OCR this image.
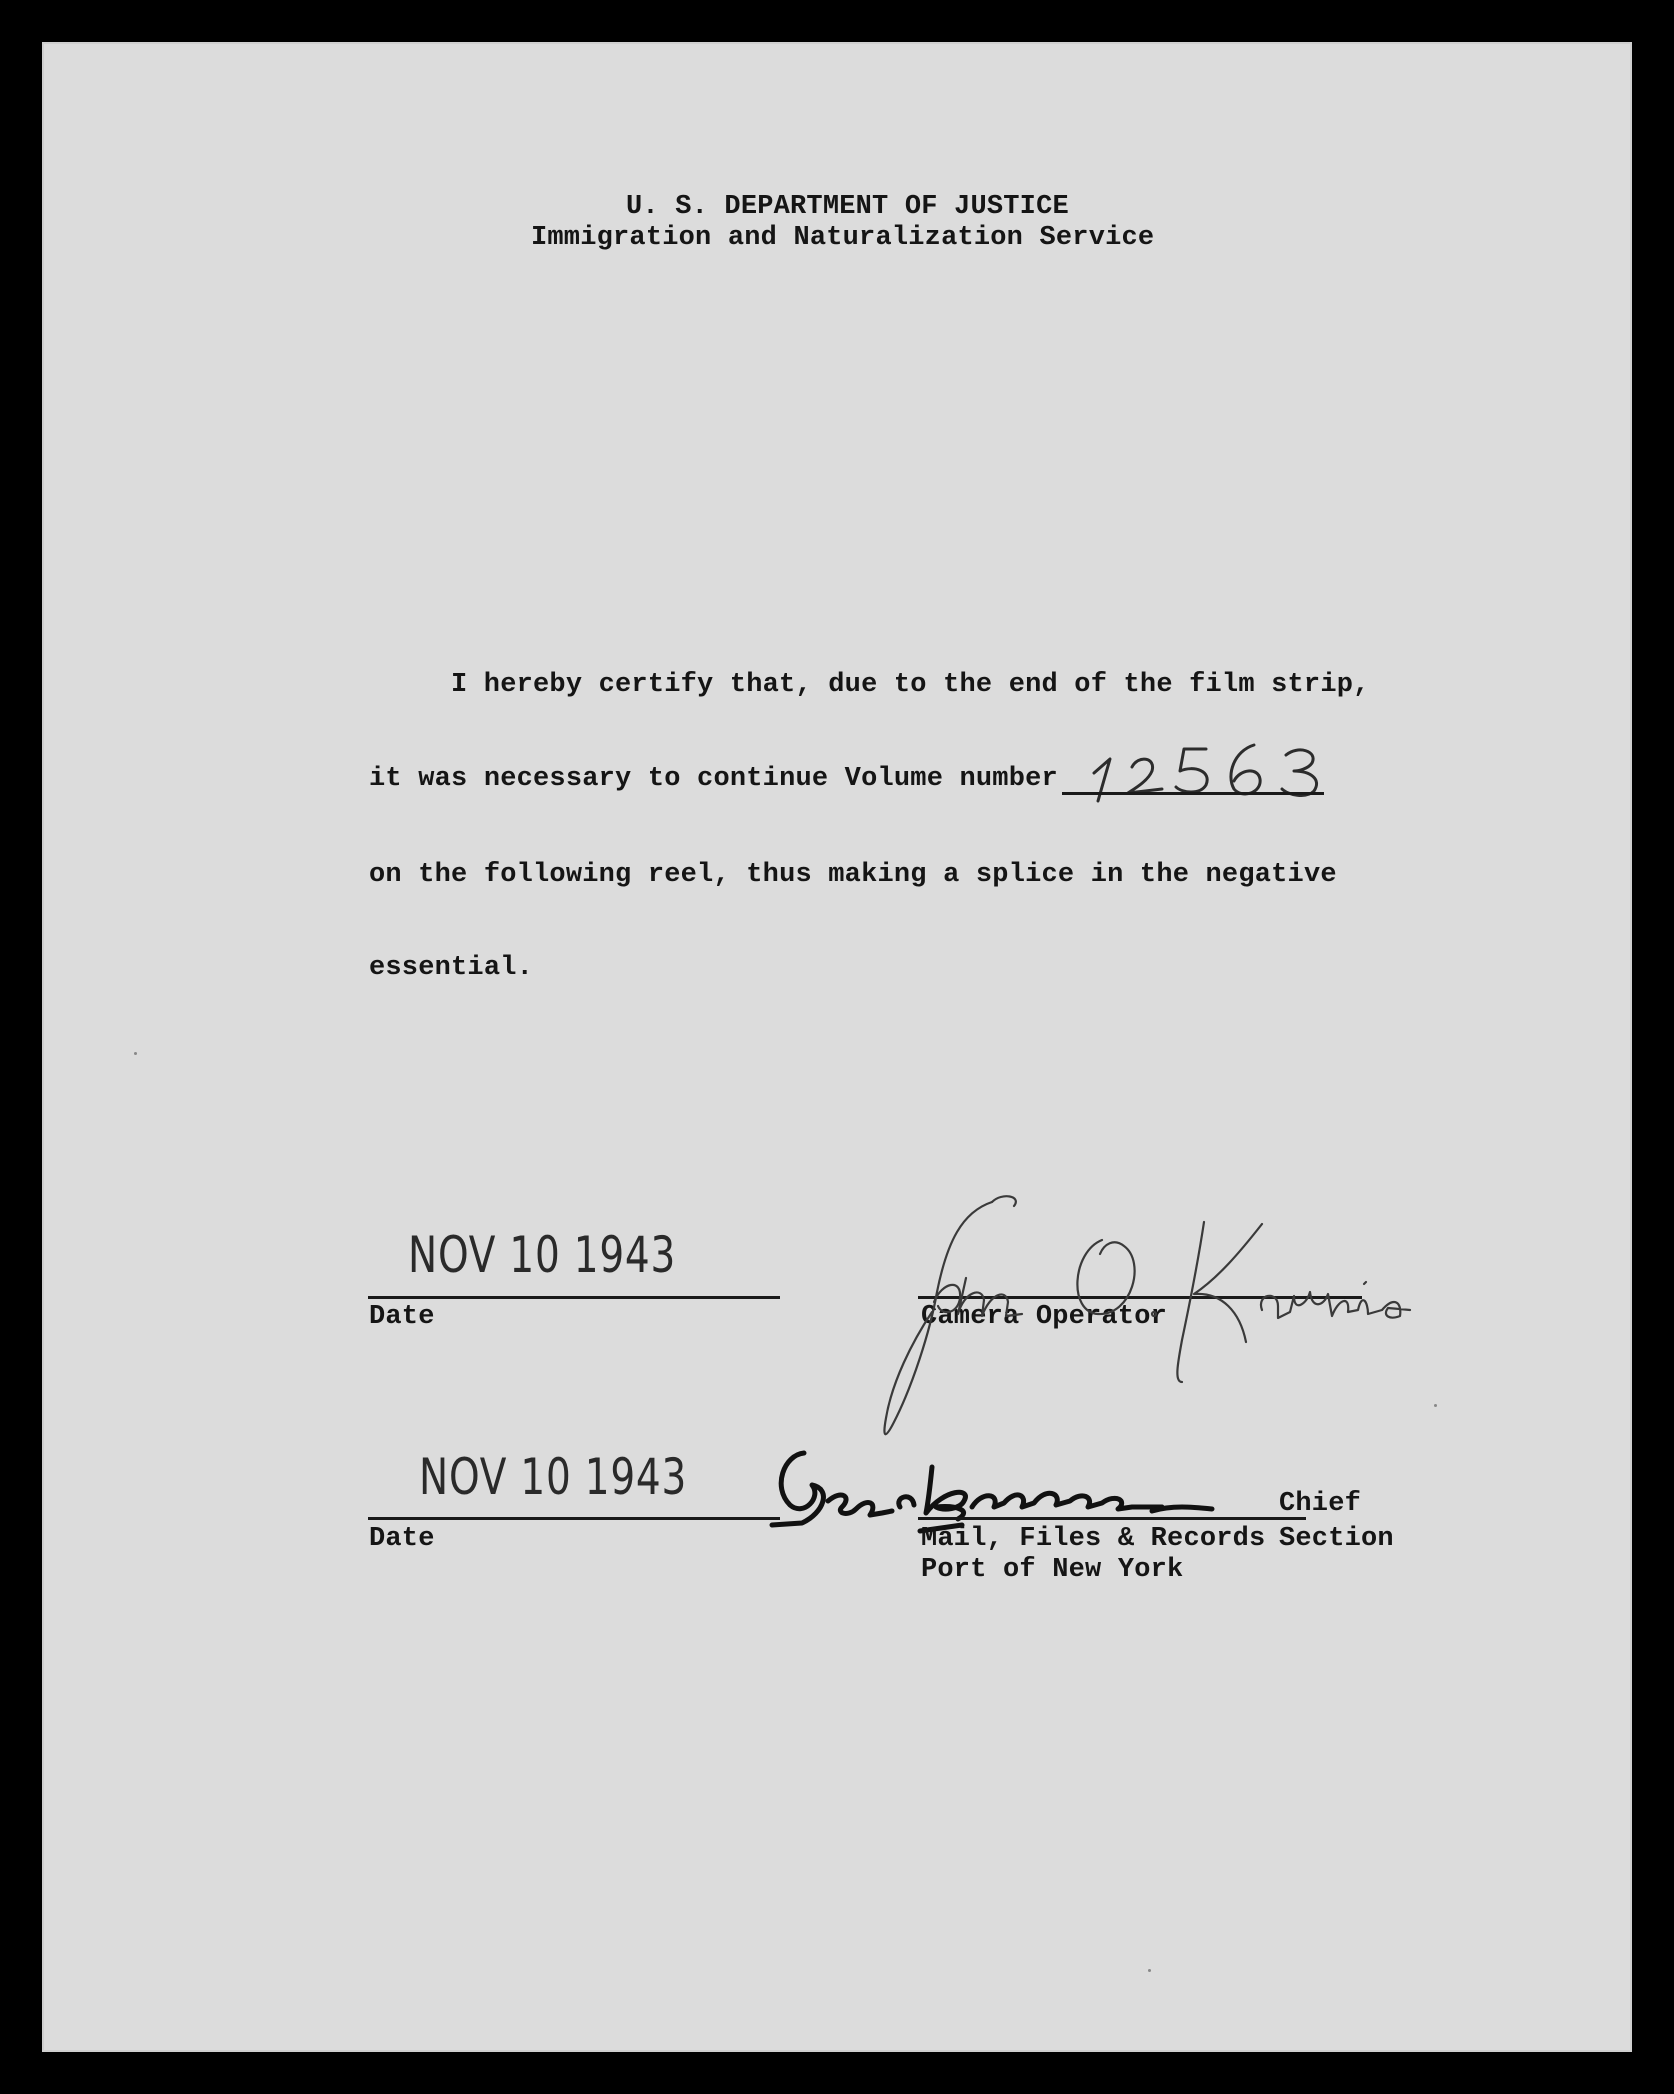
U. S. DEPARTMENT OF JUSTICE
Immigration and Naturalization Service
I hereby certify that, due to the end of the film strip,
it was necessary to continue Volume number
on the following reel, thus making a splice in the negative
essential.
NOV 10 1943
Date	Camera Operator
NOV 10 1943
Date
Chief
Mail, Files & Records Section
Port of New York
